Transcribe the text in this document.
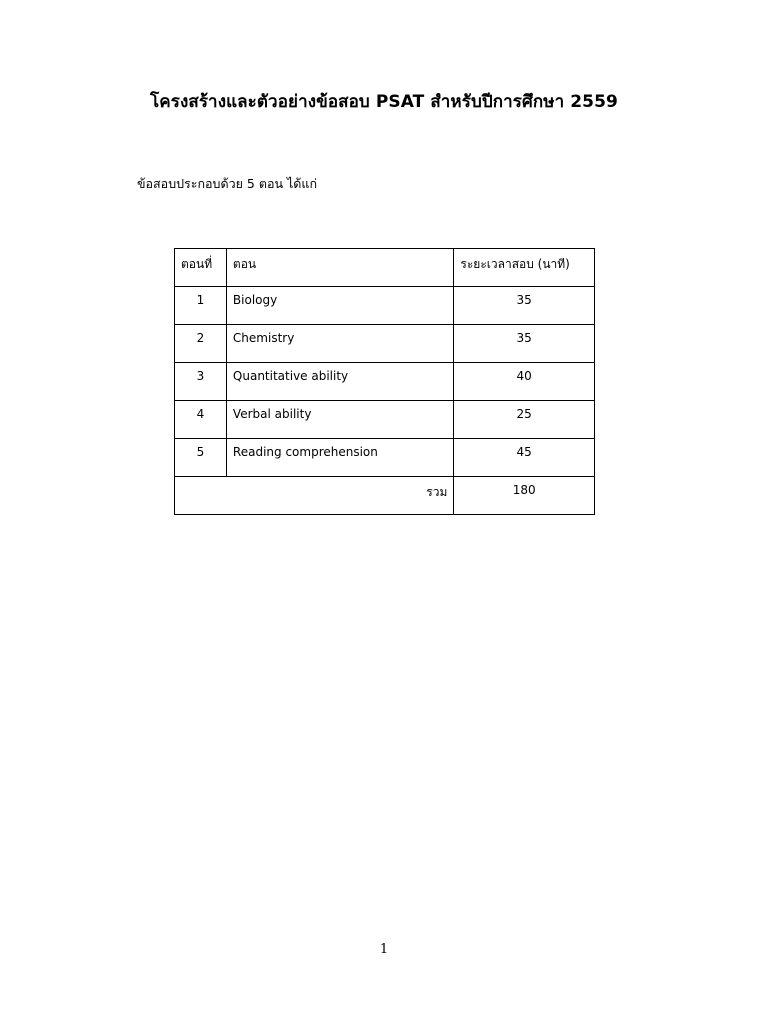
โครงสร้างและตัวอย่างข้อสอบ PSAT สำหรับปีการศึกษา 2559
ข้อสอบประกอบด้วย 5 ตอน ได้แก่
ตอนที่	ตอน	ระยะเวลาสอบ (นาที)
1	Biology	35
2	Chemistry	35
3	Quantitative ability	40
4	Verbal ability	25
5	Reading comprehension	45
รวม		180
1
